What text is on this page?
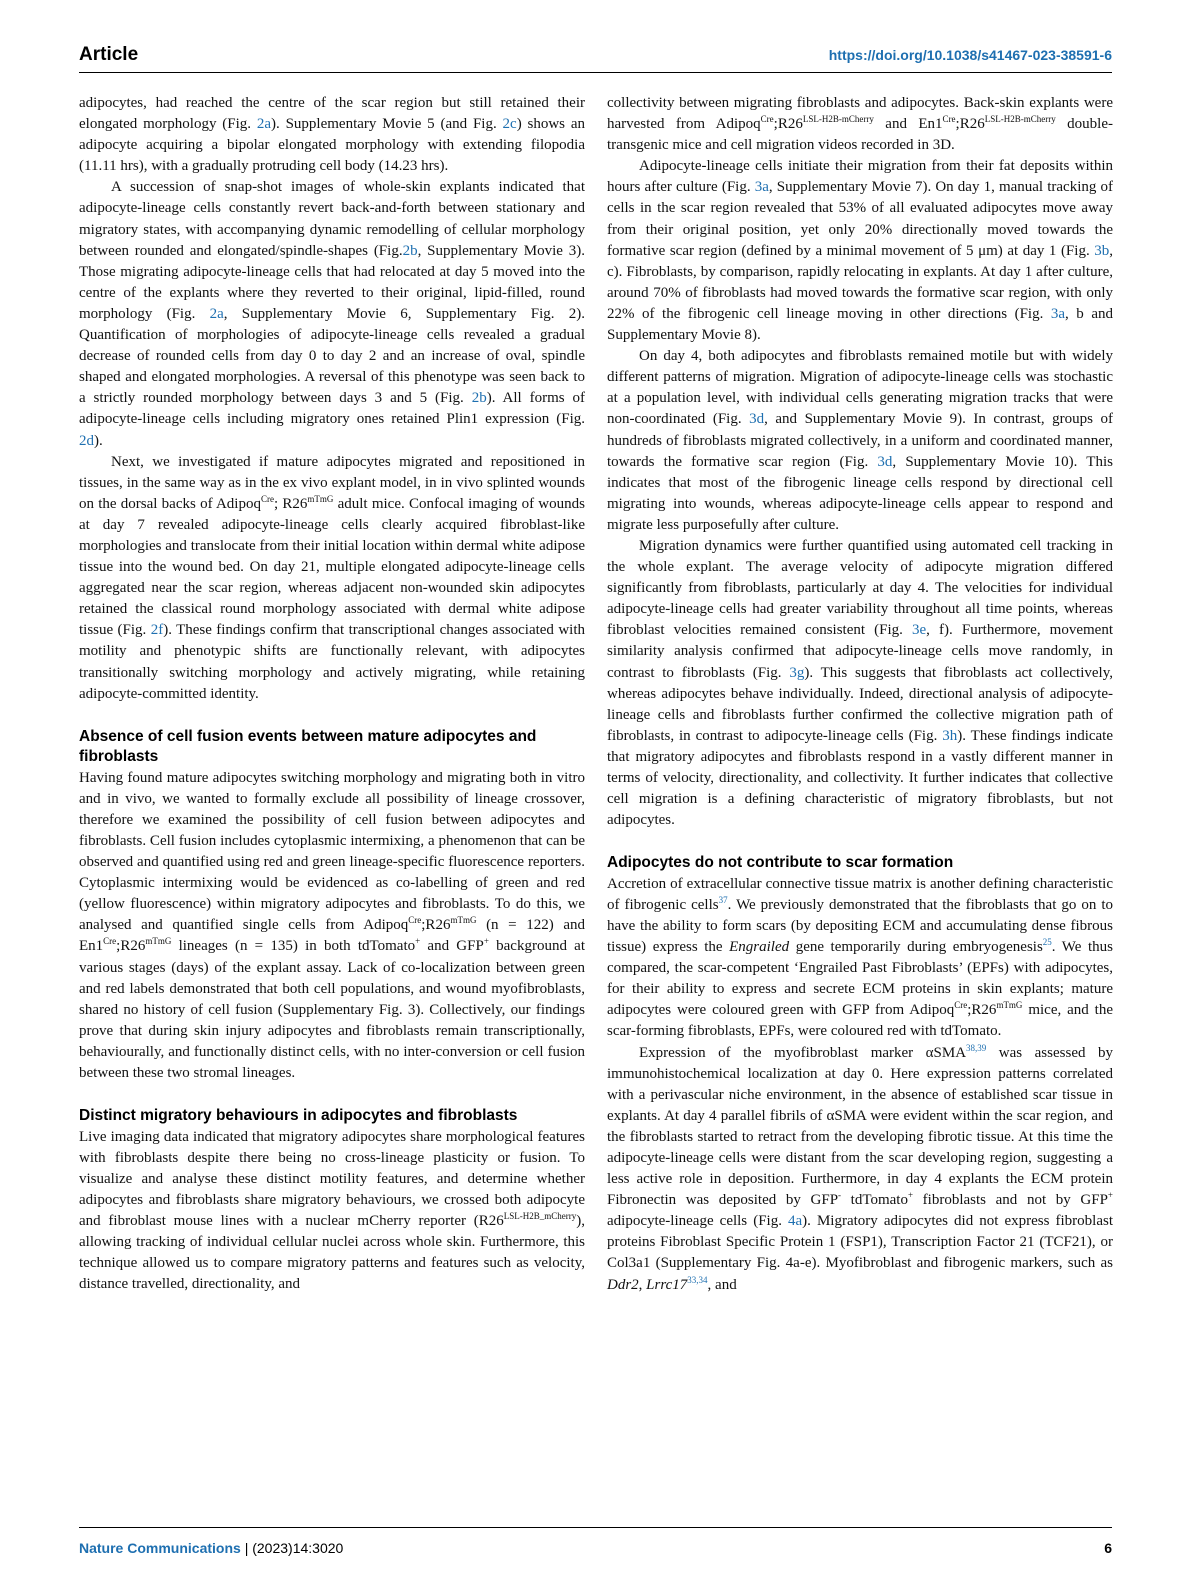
Article	https://doi.org/10.1038/s41467-023-38591-6

adipocytes, had reached the centre of the scar region but still retained their elongated morphology (Fig. 2a). Supplementary Movie 5 (and Fig. 2c) shows an adipocyte acquiring a bipolar elongated morphology with extending filopodia (11.11 hrs), with a gradually protruding cell body (14.23 hrs).

A succession of snap-shot images of whole-skin explants indicated that adipocyte-lineage cells constantly revert back-and-forth between stationary and migratory states, with accompanying dynamic remodelling of cellular morphology between rounded and elongated/spindle-shapes (Fig.2b, Supplementary Movie 3). Those migrating adipocyte-lineage cells that had relocated at day 5 moved into the centre of the explants where they reverted to their original, lipid-filled, round morphology (Fig. 2a, Supplementary Movie 6, Supplementary Fig. 2). Quantification of morphologies of adipocyte-lineage cells revealed a gradual decrease of rounded cells from day 0 to day 2 and an increase of oval, spindle shaped and elongated morphologies. A reversal of this phenotype was seen back to a strictly rounded morphology between days 3 and 5 (Fig. 2b). All forms of adipocyte-lineage cells including migratory ones retained Plin1 expression (Fig. 2d).

Next, we investigated if mature adipocytes migrated and repositioned in tissues, in the same way as in the ex vivo explant model, in in vivo splinted wounds on the dorsal backs of Adipoq$^{Cre}$; $R26^{mTmG}$ adult mice. Confocal imaging of wounds at day 7 revealed adipocyte-lineage cells clearly acquired fibroblast-like morphologies and translocate from their initial location within dermal white adipose tissue into the wound bed. On day 21, multiple elongated adipocyte-lineage cells aggregated near the scar region, whereas adjacent non-wounded skin adipocytes retained the classical round morphology associated with dermal white adipose tissue (Fig. 2f). These findings confirm that transcriptional changes associated with motility and phenotypic shifts are functionally relevant, with adipocytes transitionally switching morphology and actively migrating, while retaining adipocyte-committed identity.

Absence of cell fusion events between mature adipocytes and fibroblasts

Having found mature adipocytes switching morphology and migrating both in vitro and in vivo, we wanted to formally exclude all possibility of lineage crossover, therefore we examined the possibility of cell fusion between adipocytes and fibroblasts. Cell fusion includes cytoplasmic intermixing, a phenomenon that can be observed and quantified using red and green lineage-specific fluorescence reporters. Cytoplasmic intermixing would be evidenced as co-labelling of green and red (yellow fluorescence) within migratory adipocytes and fibroblasts. To do this, we analysed and quantified single cells from $Adipoq^{Cre};R26^{mTmG}$ (n = 122) and $En1^{Cre};R26^{mTmG}$ lineages (n = 135) in both tdTomato+ and GFP+ background at various stages (days) of the explant assay. Lack of co-localization between green and red labels demonstrated that both cell populations, and wound myofibroblasts, shared no history of cell fusion (Supplementary Fig. 3). Collectively, our findings prove that during skin injury adipocytes and fibroblasts remain transcriptionally, behaviourally, and functionally distinct cells, with no inter-conversion or cell fusion between these two stromal lineages.

Distinct migratory behaviours in adipocytes and fibroblasts

Live imaging data indicated that migratory adipocytes share morphological features with fibroblasts despite there being no cross-lineage plasticity or fusion. To visualize and analyse these distinct motility features, and determine whether adipocytes and fibroblasts share migratory behaviours, we crossed both adipocyte and fibroblast mouse lines with a nuclear mCherry reporter $(R26^{LSL-H2B\_mCherry})$, allowing tracking of individual cellular nuclei across whole skin. Furthermore, this technique allowed us to compare migratory patterns and features such as velocity, distance travelled, directionality, and

collectivity between migrating fibroblasts and adipocytes. Back-skin explants were harvested from $Adipoq^{Cre};R26^{LSL-H2B-mCherry}$ and $En1^{Cre};R26^{LSL-H2B-mCherry}$ double-transgenic mice and cell migration videos recorded in 3D.

Adipocyte-lineage cells initiate their migration from their fat deposits within hours after culture (Fig. 3a, Supplementary Movie 7). On day 1, manual tracking of cells in the scar region revealed that 53% of all evaluated adipocytes move away from their original position, yet only 20% directionally moved towards the formative scar region (defined by a minimal movement of 5 μm) at day 1 (Fig. 3b, c). Fibroblasts, by comparison, rapidly relocating in explants. At day 1 after culture, around 70% of fibroblasts had moved towards the formative scar region, with only 22% of the fibrogenic cell lineage moving in other directions (Fig. 3a, b and Supplementary Movie 8).

On day 4, both adipocytes and fibroblasts remained motile but with widely different patterns of migration. Migration of adipocyte-lineage cells was stochastic at a population level, with individual cells generating migration tracks that were non-coordinated (Fig. 3d, and Supplementary Movie 9). In contrast, groups of hundreds of fibroblasts migrated collectively, in a uniform and coordinated manner, towards the formative scar region (Fig. 3d, Supplementary Movie 10). This indicates that most of the fibrogenic lineage cells respond by directional cell migrating into wounds, whereas adipocyte-lineage cells appear to respond and migrate less purposefully after culture.

Migration dynamics were further quantified using automated cell tracking in the whole explant. The average velocity of adipocyte migration differed significantly from fibroblasts, particularly at day 4. The velocities for individual adipocyte-lineage cells had greater variability throughout all time points, whereas fibroblast velocities remained consistent (Fig. 3e, f). Furthermore, movement similarity analysis confirmed that adipocyte-lineage cells move randomly, in contrast to fibroblasts (Fig. 3g). This suggests that fibroblasts act collectively, whereas adipocytes behave individually. Indeed, directional analysis of adipocyte-lineage cells and fibroblasts further confirmed the collective migration path of fibroblasts, in contrast to adipocyte-lineage cells (Fig. 3h). These findings indicate that migratory adipocytes and fibroblasts respond in a vastly different manner in terms of velocity, directionality, and collectivity. It further indicates that collective cell migration is a defining characteristic of migratory fibroblasts, but not adipocytes.

Adipocytes do not contribute to scar formation

Accretion of extracellular connective tissue matrix is another defining characteristic of fibrogenic cells$^{37}$. We previously demonstrated that the fibroblasts that go on to have the ability to form scars (by depositing ECM and accumulating dense fibrous tissue) express the Engrailed gene temporarily during embryogenesis$^{25}$. We thus compared, the scar-competent ‘Engrailed Past Fibroblasts’ (EPFs) with adipocytes, for their ability to express and secrete ECM proteins in skin explants; mature adipocytes were coloured green with GFP from $Adipoq^{Cre};R26^{mTmG}$ mice, and the scar-forming fibroblasts, EPFs, were coloured red with tdTomato.

Expression of the myofibroblast marker αSMA$^{38,39}$ was assessed by immunohistochemical localization at day 0. Here expression patterns correlated with a perivascular niche environment, in the absence of established scar tissue in explants. At day 4 parallel fibrils of αSMA were evident within the scar region, and the fibroblasts started to retract from the developing fibrotic tissue. At this time the adipocyte-lineage cells were distant from the scar developing region, suggesting a less active role in deposition. Furthermore, in day 4 explants the ECM protein Fibronectin was deposited by GFP- tdTomato+ fibroblasts and not by GFP+ adipocyte-lineage cells (Fig. 4a). Migratory adipocytes did not express fibroblast proteins Fibroblast Specific Protein 1 (FSP1), Transcription Factor 21 (TCF21), or Col3a1 (Supplementary Fig. 4a-e). Myofibroblast and fibrogenic markers, such as Ddr2, Lrrc17$^{33,34}$, and

Nature Communications | (2023)14:3020	6
